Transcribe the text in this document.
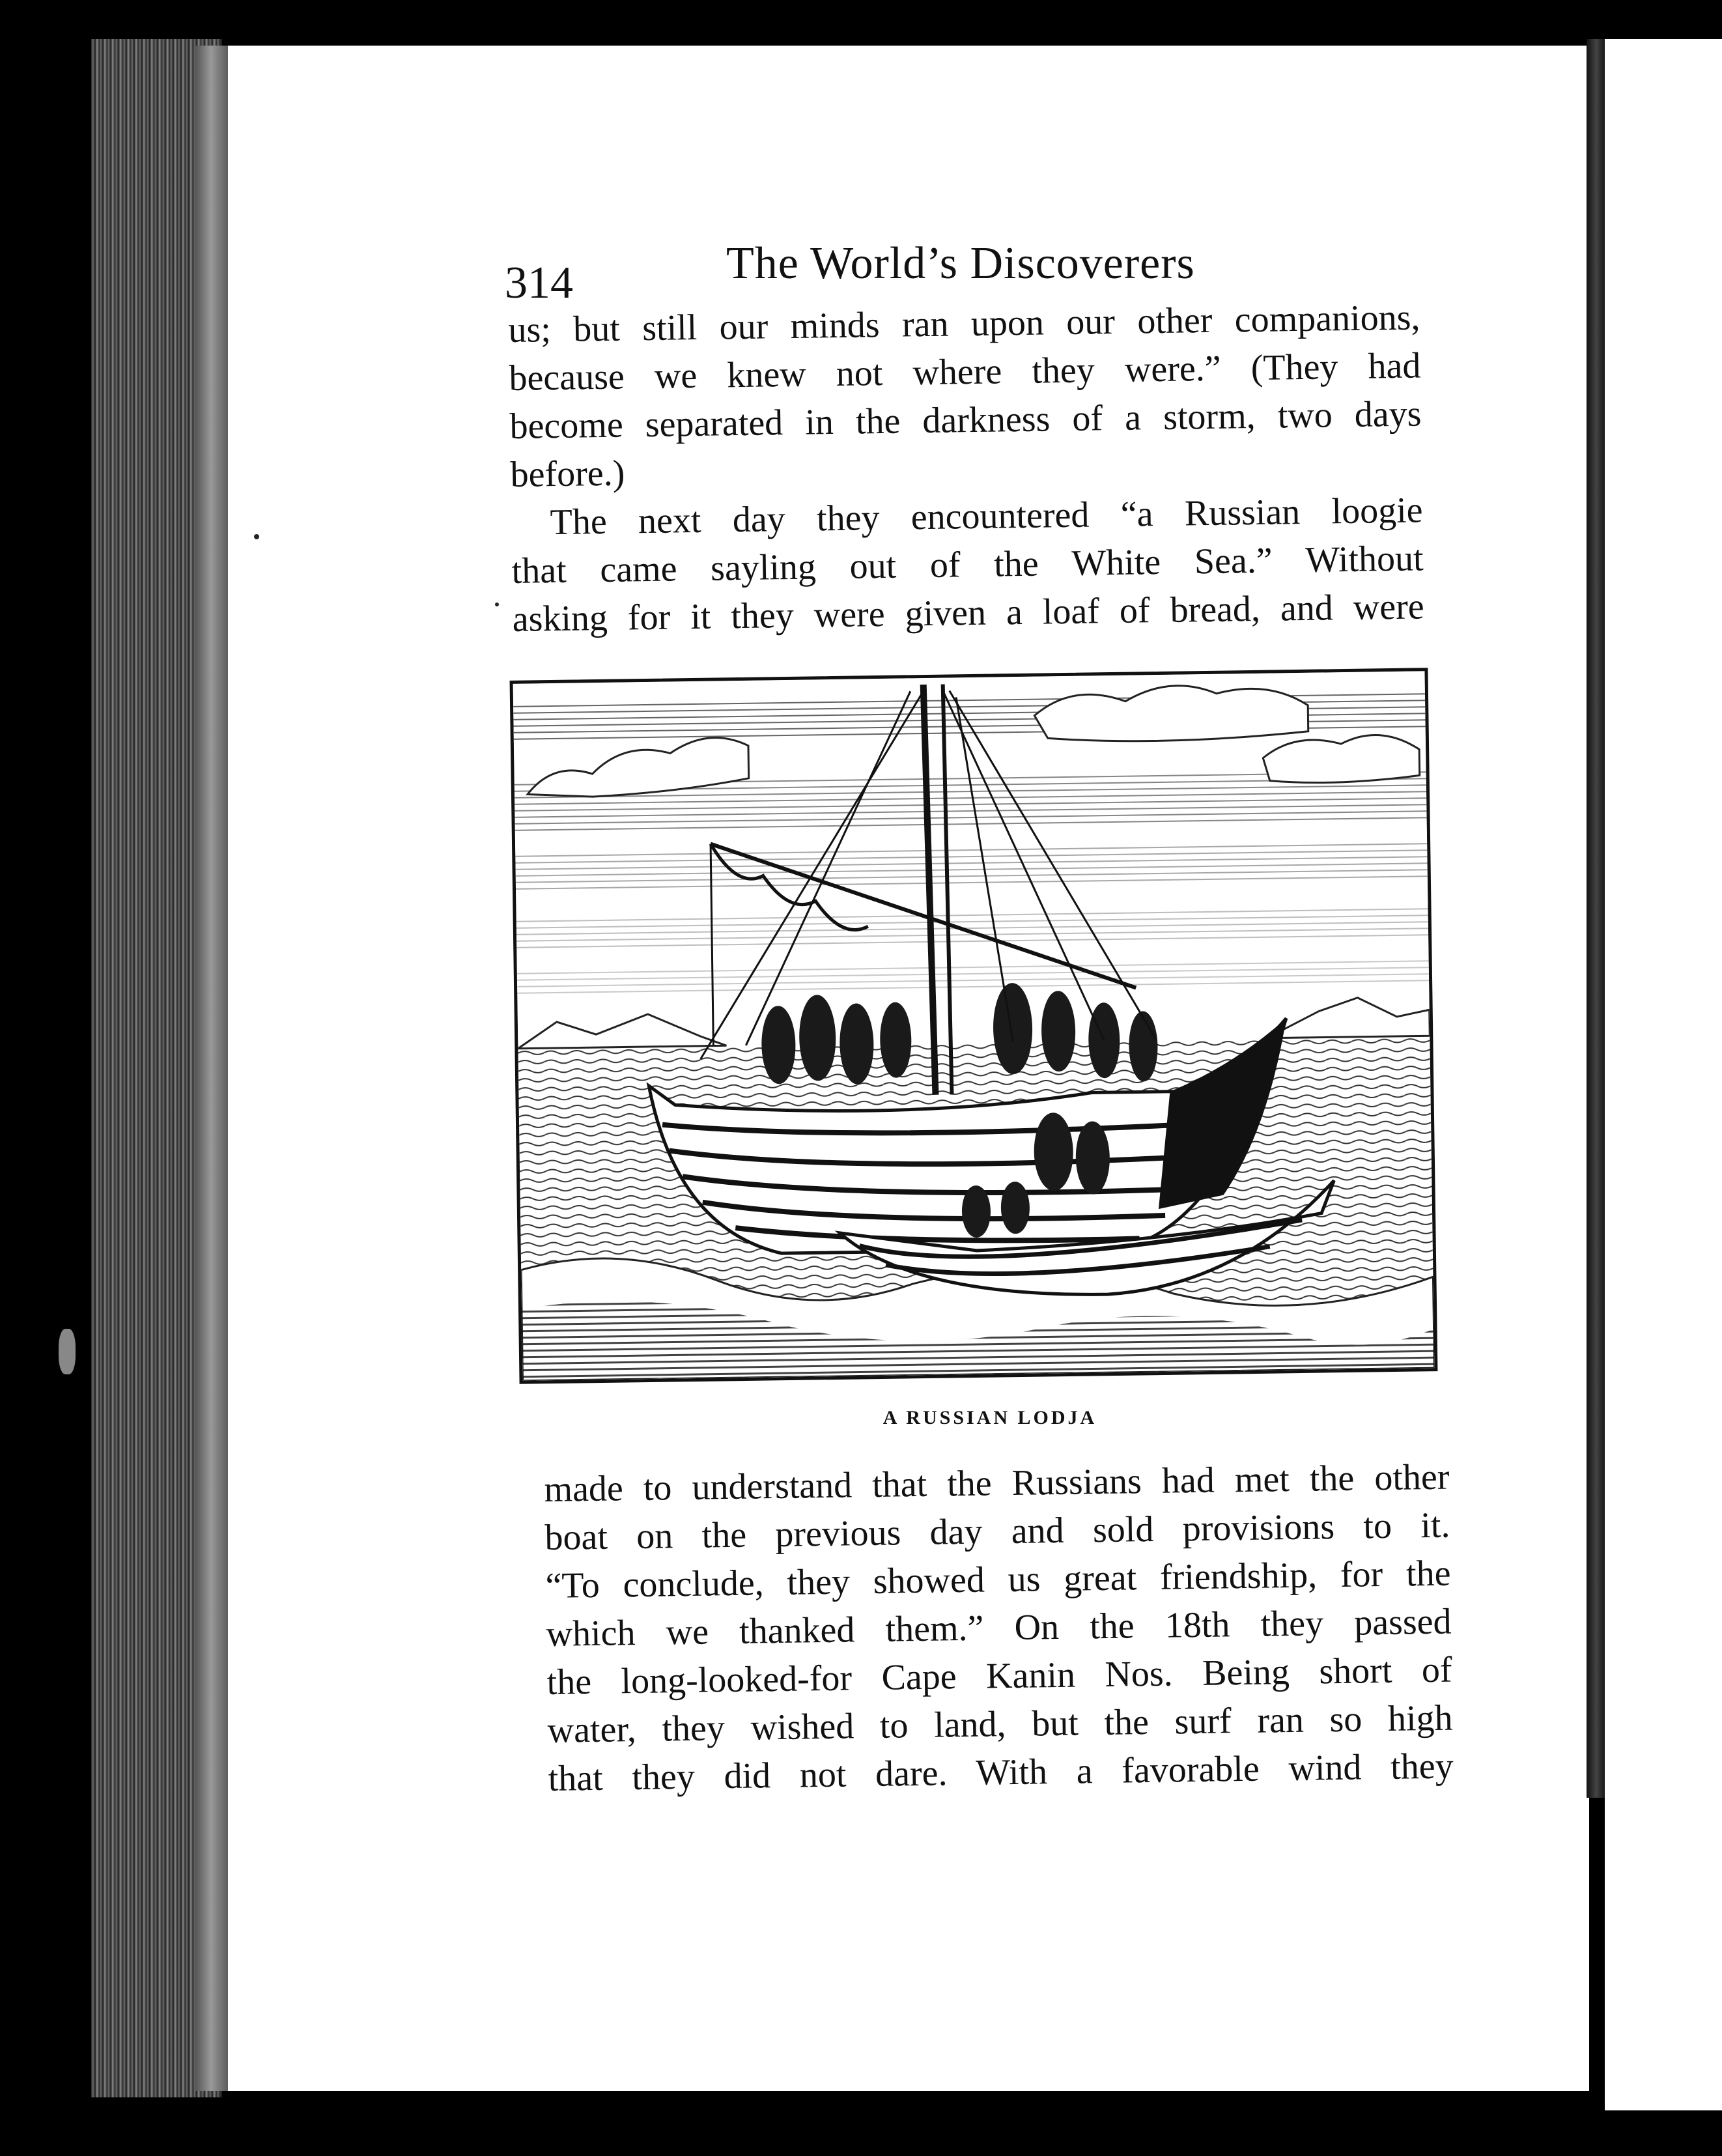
314	The World’s Discoverers
us; but still our minds ran upon our other companions,
because we knew not where they were.” (They had
become separated in the darkness of a storm, two days
before.)
The next day they encountered “a Russian loogie
that came sayling out of the White Sea.” Without
asking for it they were given a loaf of bread, and were
A RUSSIAN LODJA
made to understand that the Russians had met the other
boat on the previous day and sold provisions to it.
“To conclude, they showed us great friendship, for the
which we thanked them.” On the 18th they passed
the long-looked-for Cape Kanin Nos. Being short of
water, they wished to land, but the surf ran so high
that they did not dare. With a favorable wind they
